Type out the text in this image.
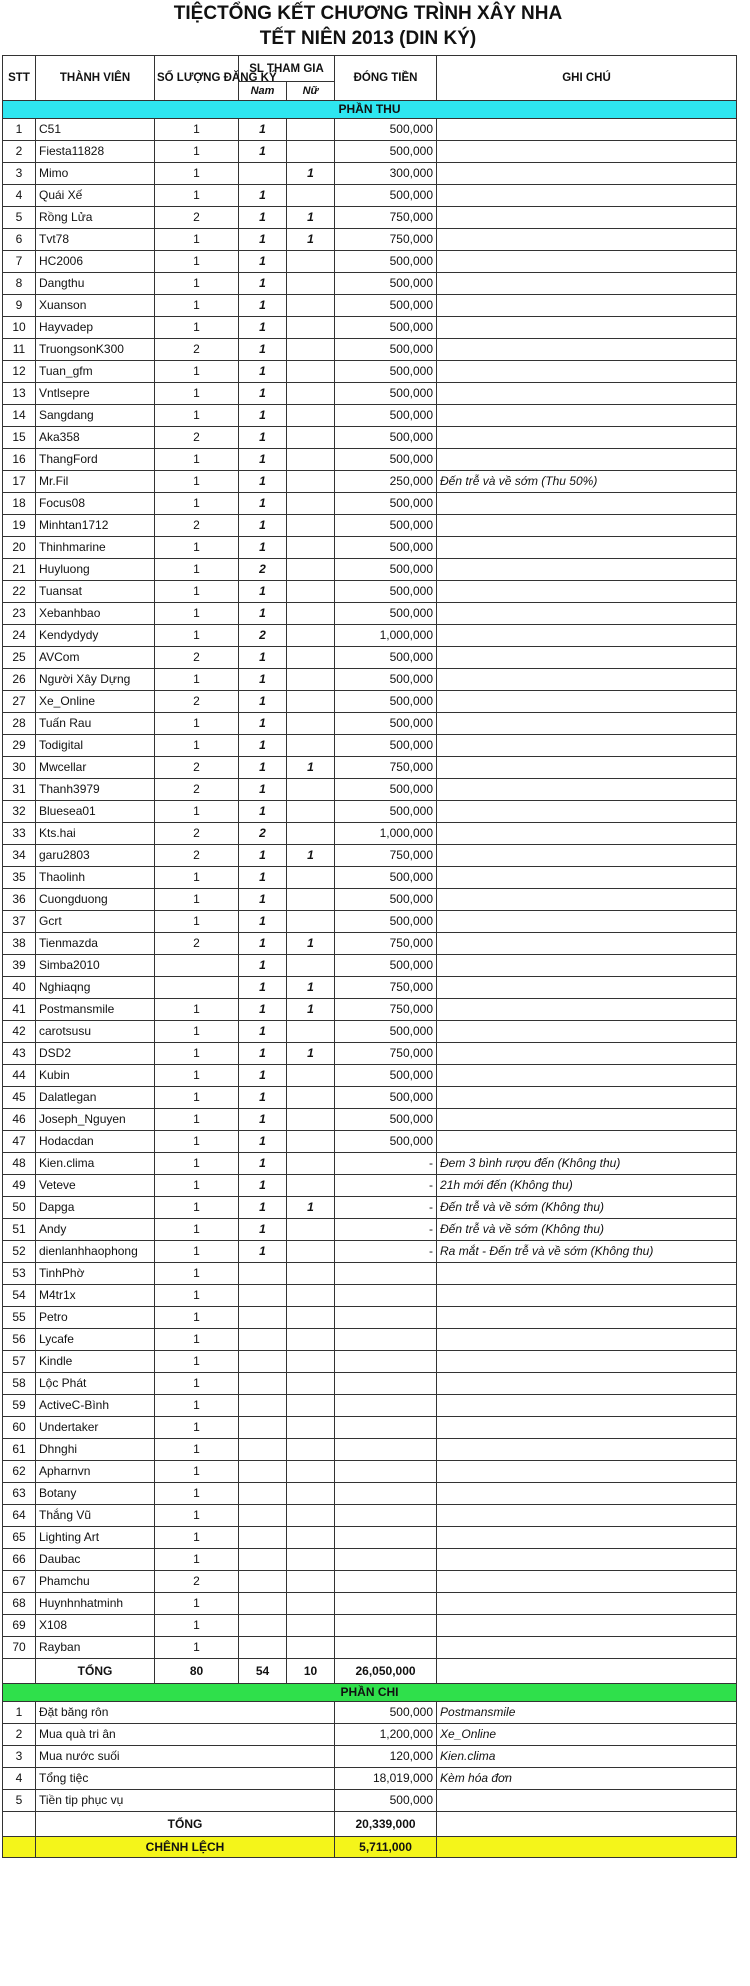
TIỆCTỔNG KẾT CHƯƠNG TRÌNH XÂY NHA
TẾT NIÊN 2013 (DIN KÝ)
STT	THÀNH VIÊN	SỐ LƯỢNG ĐĂNG KÝ	SL THAM GIA		ĐÓNG TIỀN	GHI CHÚ
			Nam	Nữ		
PHẦN THU						
1	C51	1	1		500,000	
2	Fiesta11828	1	1		500,000	
3	Mimo	1		1	300,000	
4	Quái Xế	1	1		500,000	
5	Rồng Lửa	2	1	1	750,000	
6	Tvt78	1	1	1	750,000	
7	HC2006	1	1		500,000	
8	Dangthu	1	1		500,000	
9	Xuanson	1	1		500,000	
10	Hayvadep	1	1		500,000	
11	TruongsonK300	2	1		500,000	
12	Tuan_gfm	1	1		500,000	
13	Vntlsepre	1	1		500,000	
14	Sangdang	1	1		500,000	
15	Aka358	2	1		500,000	
16	ThangFord	1	1		500,000	
17	Mr.Fil	1	1		250,000	Đến trễ và về sớm (Thu 50%)
18	Focus08	1	1		500,000	
19	Minhtan1712	2	1		500,000	
20	Thinhmarine	1	1		500,000	
21	Huyluong	1	2		500,000	
22	Tuansat	1	1		500,000	
23	Xebanhbao	1	1		500,000	
24	Kendydydy	1	2		1,000,000	
25	AVCom	2	1		500,000	
26	Người Xây Dựng	1	1		500,000	
27	Xe_Online	2	1		500,000	
28	Tuấn Rau	1	1		500,000	
29	Todigital	1	1		500,000	
30	Mwcellar	2	1	1	750,000	
31	Thanh3979	2	1		500,000	
32	Bluesea01	1	1		500,000	
33	Kts.hai	2	2		1,000,000	
34	garu2803	2	1	1	750,000	
35	Thaolinh	1	1		500,000	
36	Cuongduong	1	1		500,000	
37	Gcrt	1	1		500,000	
38	Tienmazda	2	1	1	750,000	
39	Simba2010		1		500,000	
40	Nghiaqng		1	1	750,000	
41	Postmansmile	1	1	1	750,000	
42	carotsusu	1	1		500,000	
43	DSD2	1	1	1	750,000	
44	Kubin	1	1		500,000	
45	Dalatlegan	1	1		500,000	
46	Joseph_Nguyen	1	1		500,000	
47	Hodacdan	1	1		500,000	
48	Kien.clima	1	1		-	Đem 3 bình rượu đến (Không thu)
49	Veteve	1	1		-	21h mới đến (Không thu)
50	Dapga	1	1	1	-	Đến trễ và về sớm (Không thu)
51	Andy	1	1		-	Đến trễ và về sớm (Không thu)
52	dienlanhhaophong	1	1		-	Ra mắt - Đến trễ và về sớm (Không thu)
53	TinhPhờ	1				
54	M4tr1x	1				
55	Petro	1				
56	Lycafe	1				
57	Kindle	1				
58	Lộc Phát	1				
59	ActiveC-Bình	1				
60	Undertaker	1				
61	Dhnghi	1				
62	Apharnvn	1				
63	Botany	1				
64	Thắng Vũ	1				
65	Lighting Art	1				
66	Daubac	1				
67	Phamchu	2				
68	Huynhnhatminh	1				
69	X108	1				
70	Rayban	1				
	TỔNG	80	54	10	26,050,000	
PHẦN CHI						
1	Đặt băng rôn				500,000	Postmansmile
2	Mua quà tri ân				1,200,000	Xe_Online
3	Mua nước suối				120,000	Kien.clima
4	Tổng tiệc				18,019,000	Kèm hóa đơn
5	Tiền tip phục vụ				500,000	
	TỔNG				20,339,000	
	CHÊNH LỆCH				5,711,000	
